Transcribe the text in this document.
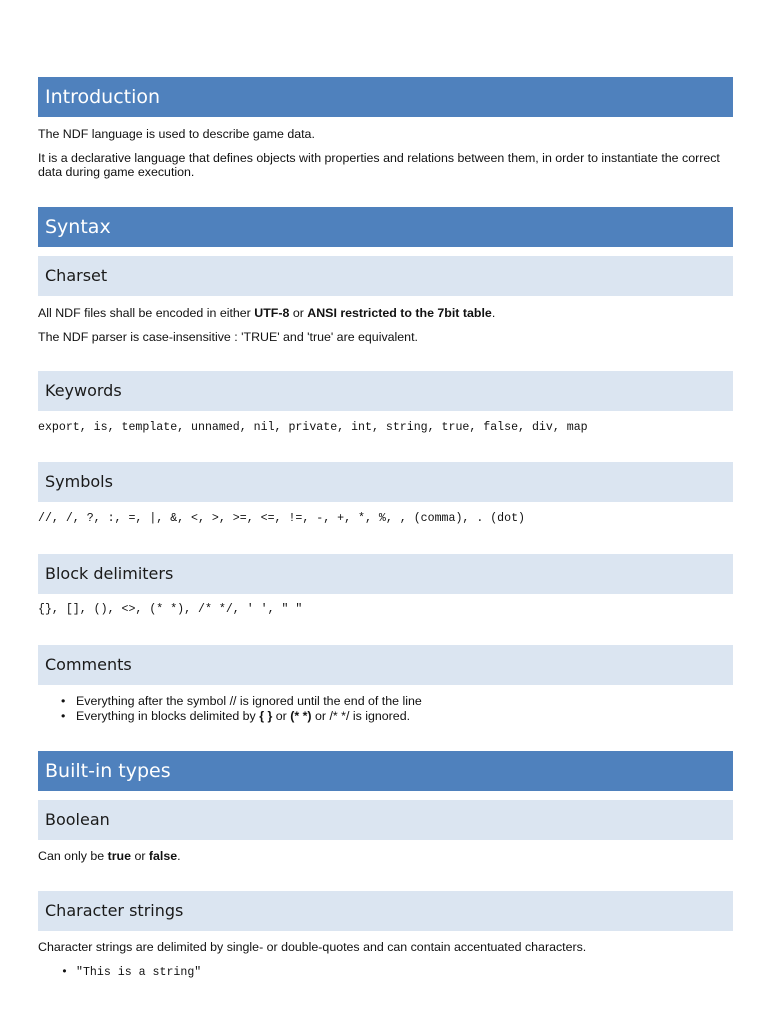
Introduction

The NDF language is used to describe game data.

It is a declarative language that defines objects with properties and relations between them, in order to instantiate the correct data during game execution.

Syntax
Charset

All NDF files shall be encoded in either UTF-8 or ANSI restricted to the 7bit table.

The NDF parser is case-insensitive : 'TRUE' and 'true' are equivalent.

Keywords

export, is, template, unnamed, nil, private, int, string, true, false, div, map

Symbols

//, /, ?, :, =, |, &, <, >, >=, <=, !=, -, +, *, %, , (comma), . (dot)

Block delimiters

{}, [], (), <>, (* *), /* */, ' ', " "

Comments
• Everything after the symbol // is ignored until the end of the line
• Everything in blocks delimited by { } or (* *) or /* */ is ignored.
Built-in types
Boolean

Can only be true or false.

Character strings

Character strings are delimited by single- or double-quotes and can contain accentuated characters.

• "This is a string"
